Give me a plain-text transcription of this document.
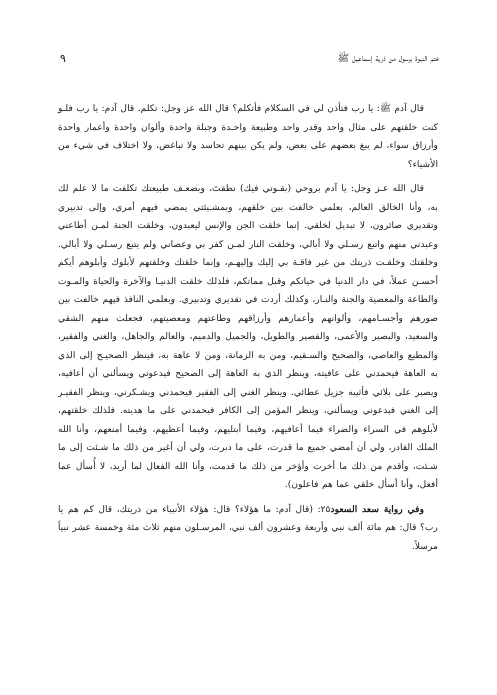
ختم النبوة برسول من ذرية إسماعيل ﷺ
٩

قال آدم ﷺ: يا رب فتأذن لي في السكلام فأتكلم؟ قال الله عز وجل: تكلم. قال آدم: يا رب فلـو كنت خلقتهم على مثال واحد وقدر واحد وطبيعة واحـدة وجبلة واحدة وألوان واحدة وأعمار واحدة وأرزاق سواء، لم يبغ بعضهم على بعض، ولم يكن بينهم تحاسد ولا تباغض، ولا اختلاف في شيء من الأشياء؟

قال الله عـز وجل: يا آدم بروحي (بقـوتي فيك) نطقتَ، وبضعـف طبيعتك تكلفت ما لا علم لك به، وأنا الخالق العالم، بعلمي خالفت بين خلقهم، وبمشـيئتي يمضي فيهم أمري، وإلى تدبيري وتقديري صائرون، لا تبديل لخلقي. إنما خلقت الجن والإنس ليعبدون، وخلقت الجنة لمـن أطاعني وعبدني منهم واتبع رسـلي ولا أبالي، وخلقت النار لمـن كفر بي وعصاني ولم يتبع رسـلي ولا أبالي. وخلقتك وخلقـت ذريتك من غير فاقـة بي إليك وإليهـم، وإنما خلقتك وخلقتهم لأبلوك وأبلوهم أيكم أحسـن عملاً، في دار الدنيا في حياتكم وقبل مماتكم، فلذلك خلقت الدنيـا والآخرة والحياة والمـوت والطاعة والمعصية والجنة والنـار، وكذلك أردت في تقديري وتدبيري. وبعلمي النافذ فيهم خالفت بين صورهم وأجسـامهم، وألوانهم وأعمارهم وأرزاقهم وطاعتهم ومعصيتهم، فجعلت منهم الشقي والسعيد، والبصير والأعمى، والقصير والطويل، والجميل والدميم، والعالم والجاهل، والغني والفقير، والمطيع والعاصي، والصحيح والسـقيم، ومن به الزمانة، ومن لا عاهة به، فينظر الصحيـح إلى الذي به العاهة فيحمدني على عافيته، وينظر الذي به العاهة إلى الصحيح فيدعوني ويسألني أن أعافيه، ويصبر على بلائي فأثيبه جزيل عطائي. وينظر الغني إلى الفقير فيحمدني ويشـكرني، وينظر الفقيـر إلى الغني فيدعوني ويسألني، وينظر المؤمن إلى الكافر فيحمدني على ما هديته. فلذلك خلقتهم، لأبلوهم في السراء والضراء فيما أعافيهم، وفيما أبتليهم، وفيما أعطيهم، وفيما أمنعهم، وأنا الله الملك القادر، ولي أن أمضي جميع ما قدرت، على ما دبرت، ولي أن أغير من ذلك ما شـئت إلى ما شـئت، وأقدم من ذلك ما أخرت وأؤخر من ذلك ما قدمت، وأنا الله الفعال لما أريد، لا أُسأل عما أفعل، وأنا أسأل خلقي عما هم فاعلون).

وفي رواية سعد السعود٢٥: (قال آدم: ما هؤلاء؟ قال: هؤلاء الأنبياء من ذريتك، قال كم هم يا رب؟ قال: هم مائة ألف نبي وأربعة وعشرون ألف نبي، المرسـلون منهم ثلاث مئة وخمسة عشر نبياً مرسلاً.
